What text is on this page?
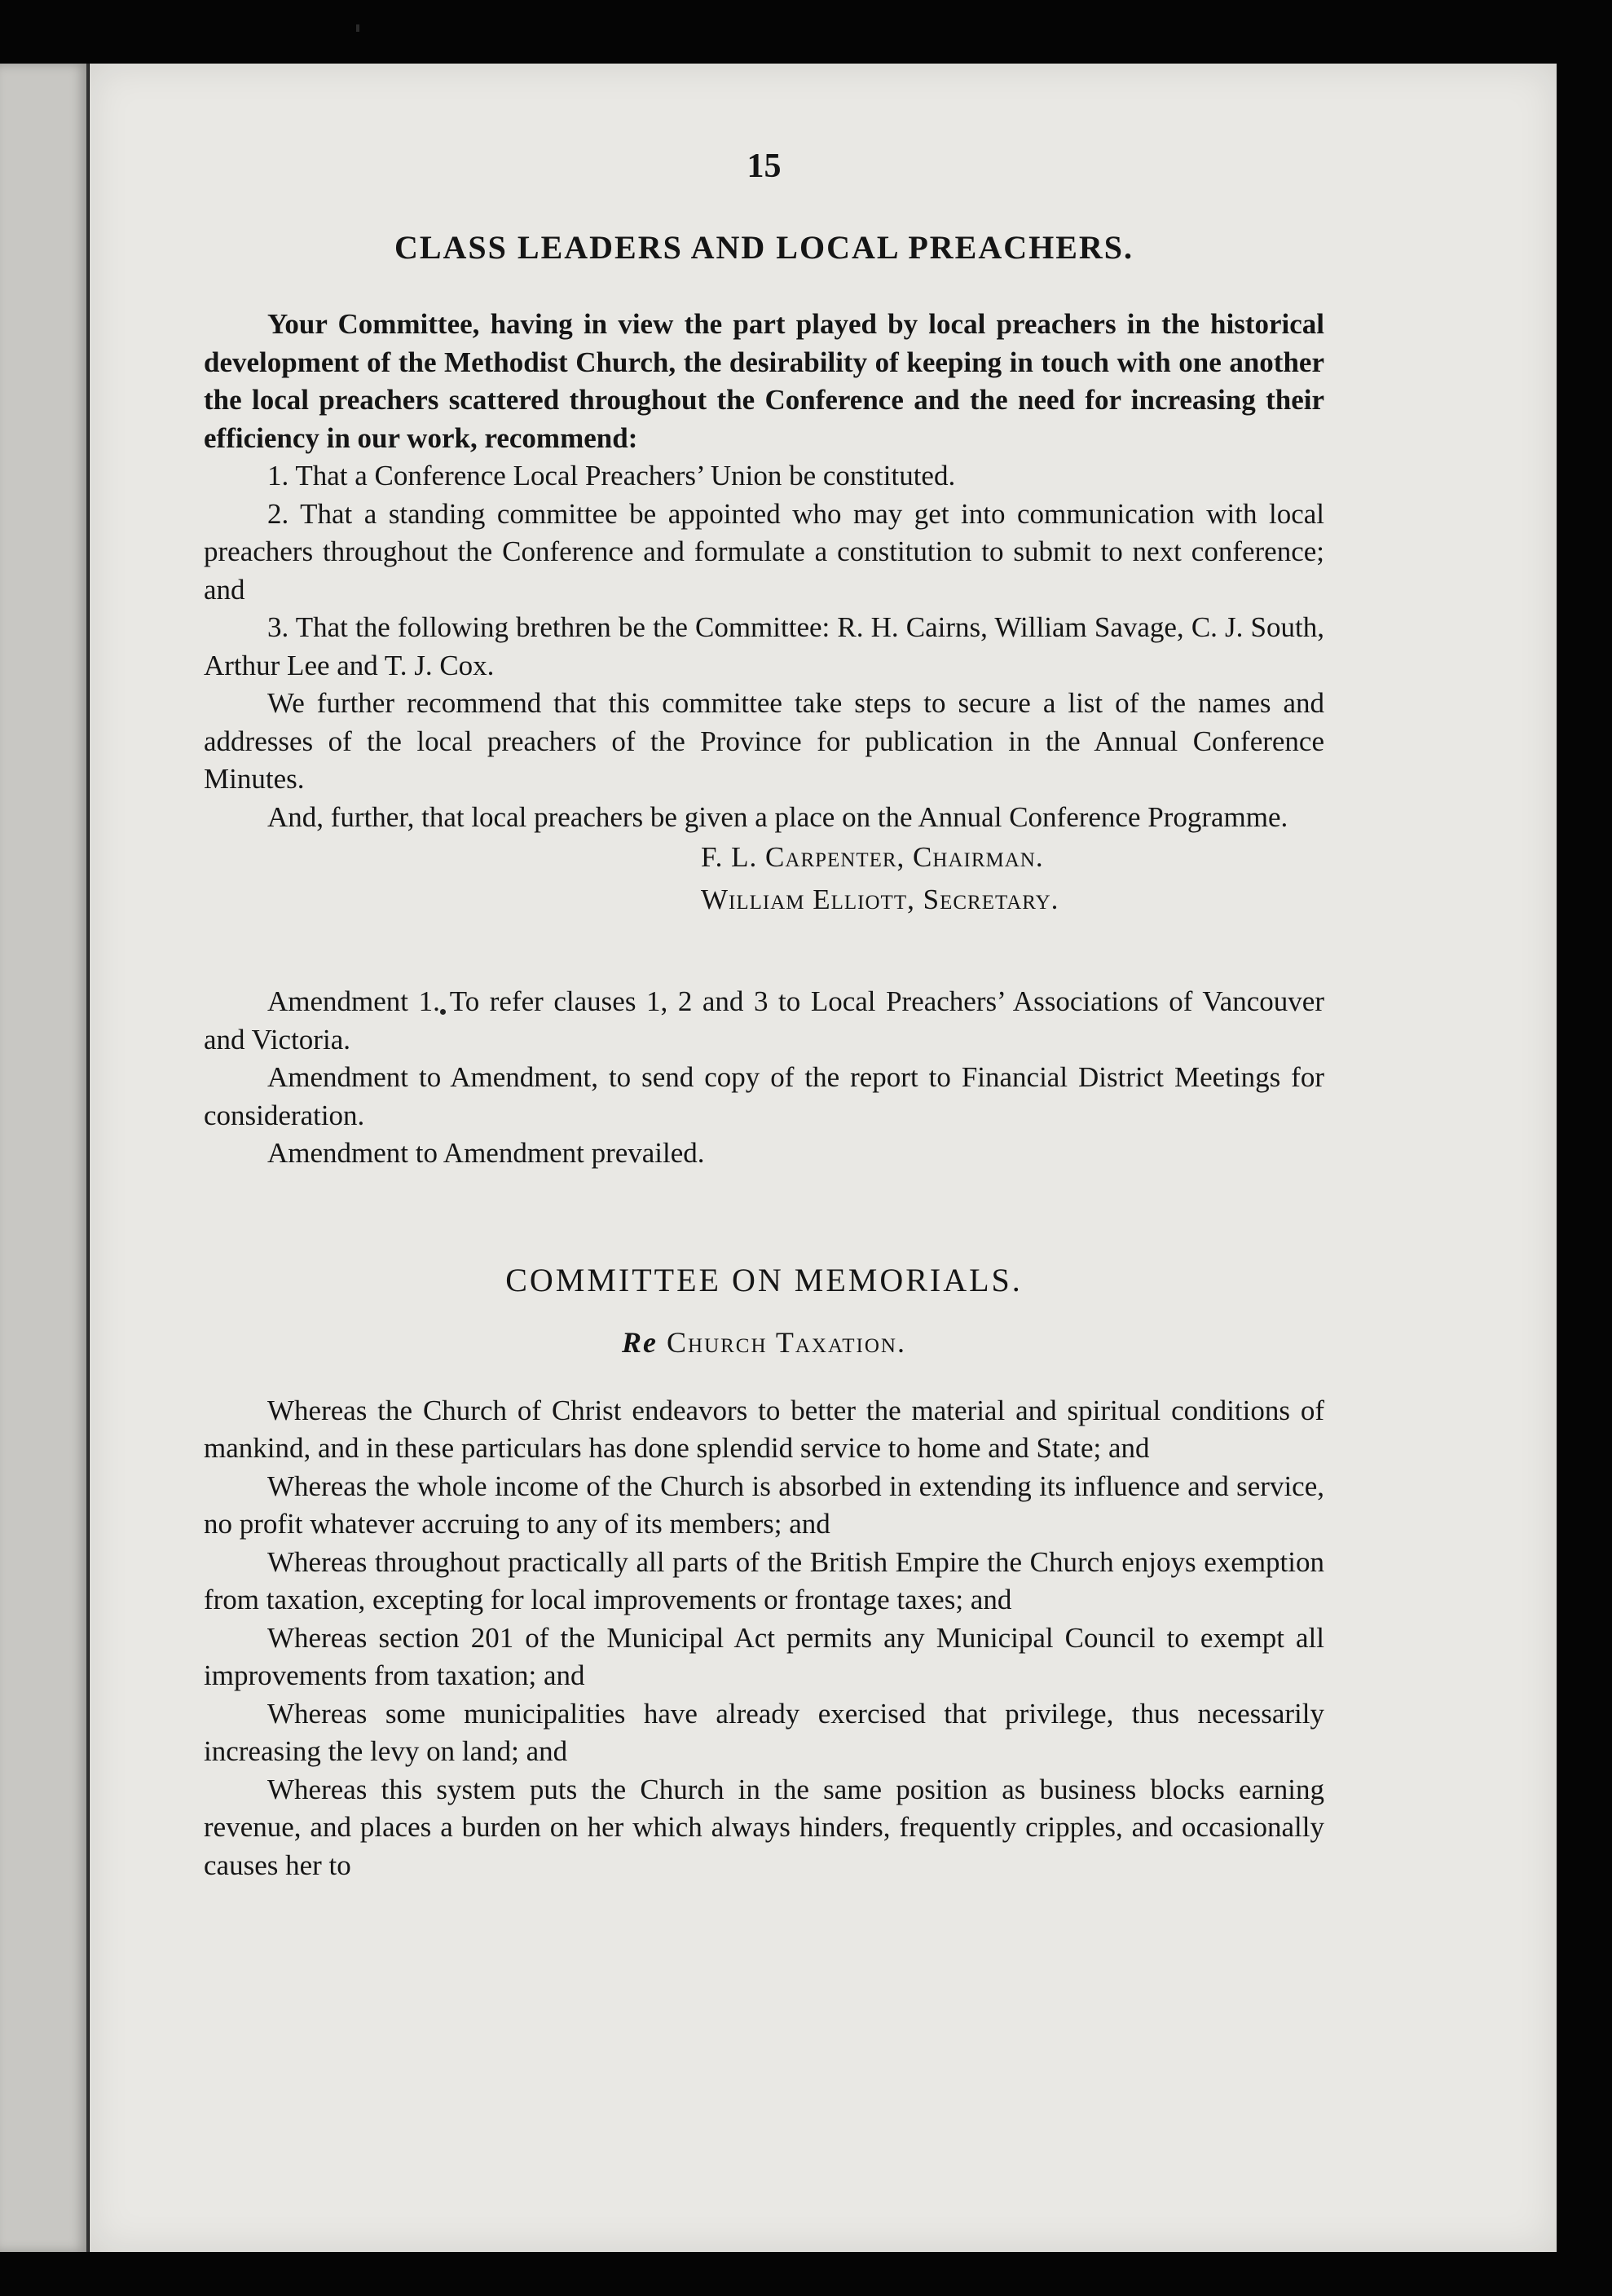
15
CLASS LEADERS AND LOCAL PREACHERS.

Your Committee, having in view the part played by local preachers in the historical development of the Methodist Church, the desirability of keeping in touch with one another the local preachers scattered throughout the Conference and the need for increasing their efficiency in our work, recommend:

1. That a Conference Local Preachers’ Union be constituted.

2. That a standing committee be appointed who may get into communication with local preachers throughout the Conference and formulate a constitution to submit to next conference; and

3. That the following brethren be the Committee: R. H. Cairns, William Savage, C. J. South, Arthur Lee and T. J. Cox.

We further recommend that this committee take steps to secure a list of the names and addresses of the local preachers of the Province for publication in the Annual Conference Minutes.

And, further, that local preachers be given a place on the Annual Conference Programme.

F. L. Carpenter, Chairman.
William Elliott, Secretary.

Amendment 1. To refer clauses 1, 2 and 3 to Local Preachers’ Associations of Vancouver and Victoria.

Amendment to Amendment, to send copy of the report to Financial District Meetings for consideration.

Amendment to Amendment prevailed.

COMMITTEE ON MEMORIALS.
Re Church Taxation.

Whereas the Church of Christ endeavors to better the material and spiritual conditions of mankind, and in these particulars has done splendid service to home and State; and

Whereas the whole income of the Church is absorbed in extending its influence and service, no profit whatever accruing to any of its members; and

Whereas throughout practically all parts of the British Empire the Church enjoys exemption from taxation, excepting for local improvements or frontage taxes; and

Whereas section 201 of the Municipal Act permits any Municipal Council to exempt all improvements from taxation; and

Whereas some municipalities have already exercised that privilege, thus necessarily increasing the levy on land; and

Whereas this system puts the Church in the same position as business blocks earning revenue, and places a burden on her which always hinders, frequently cripples, and occasionally causes her to
